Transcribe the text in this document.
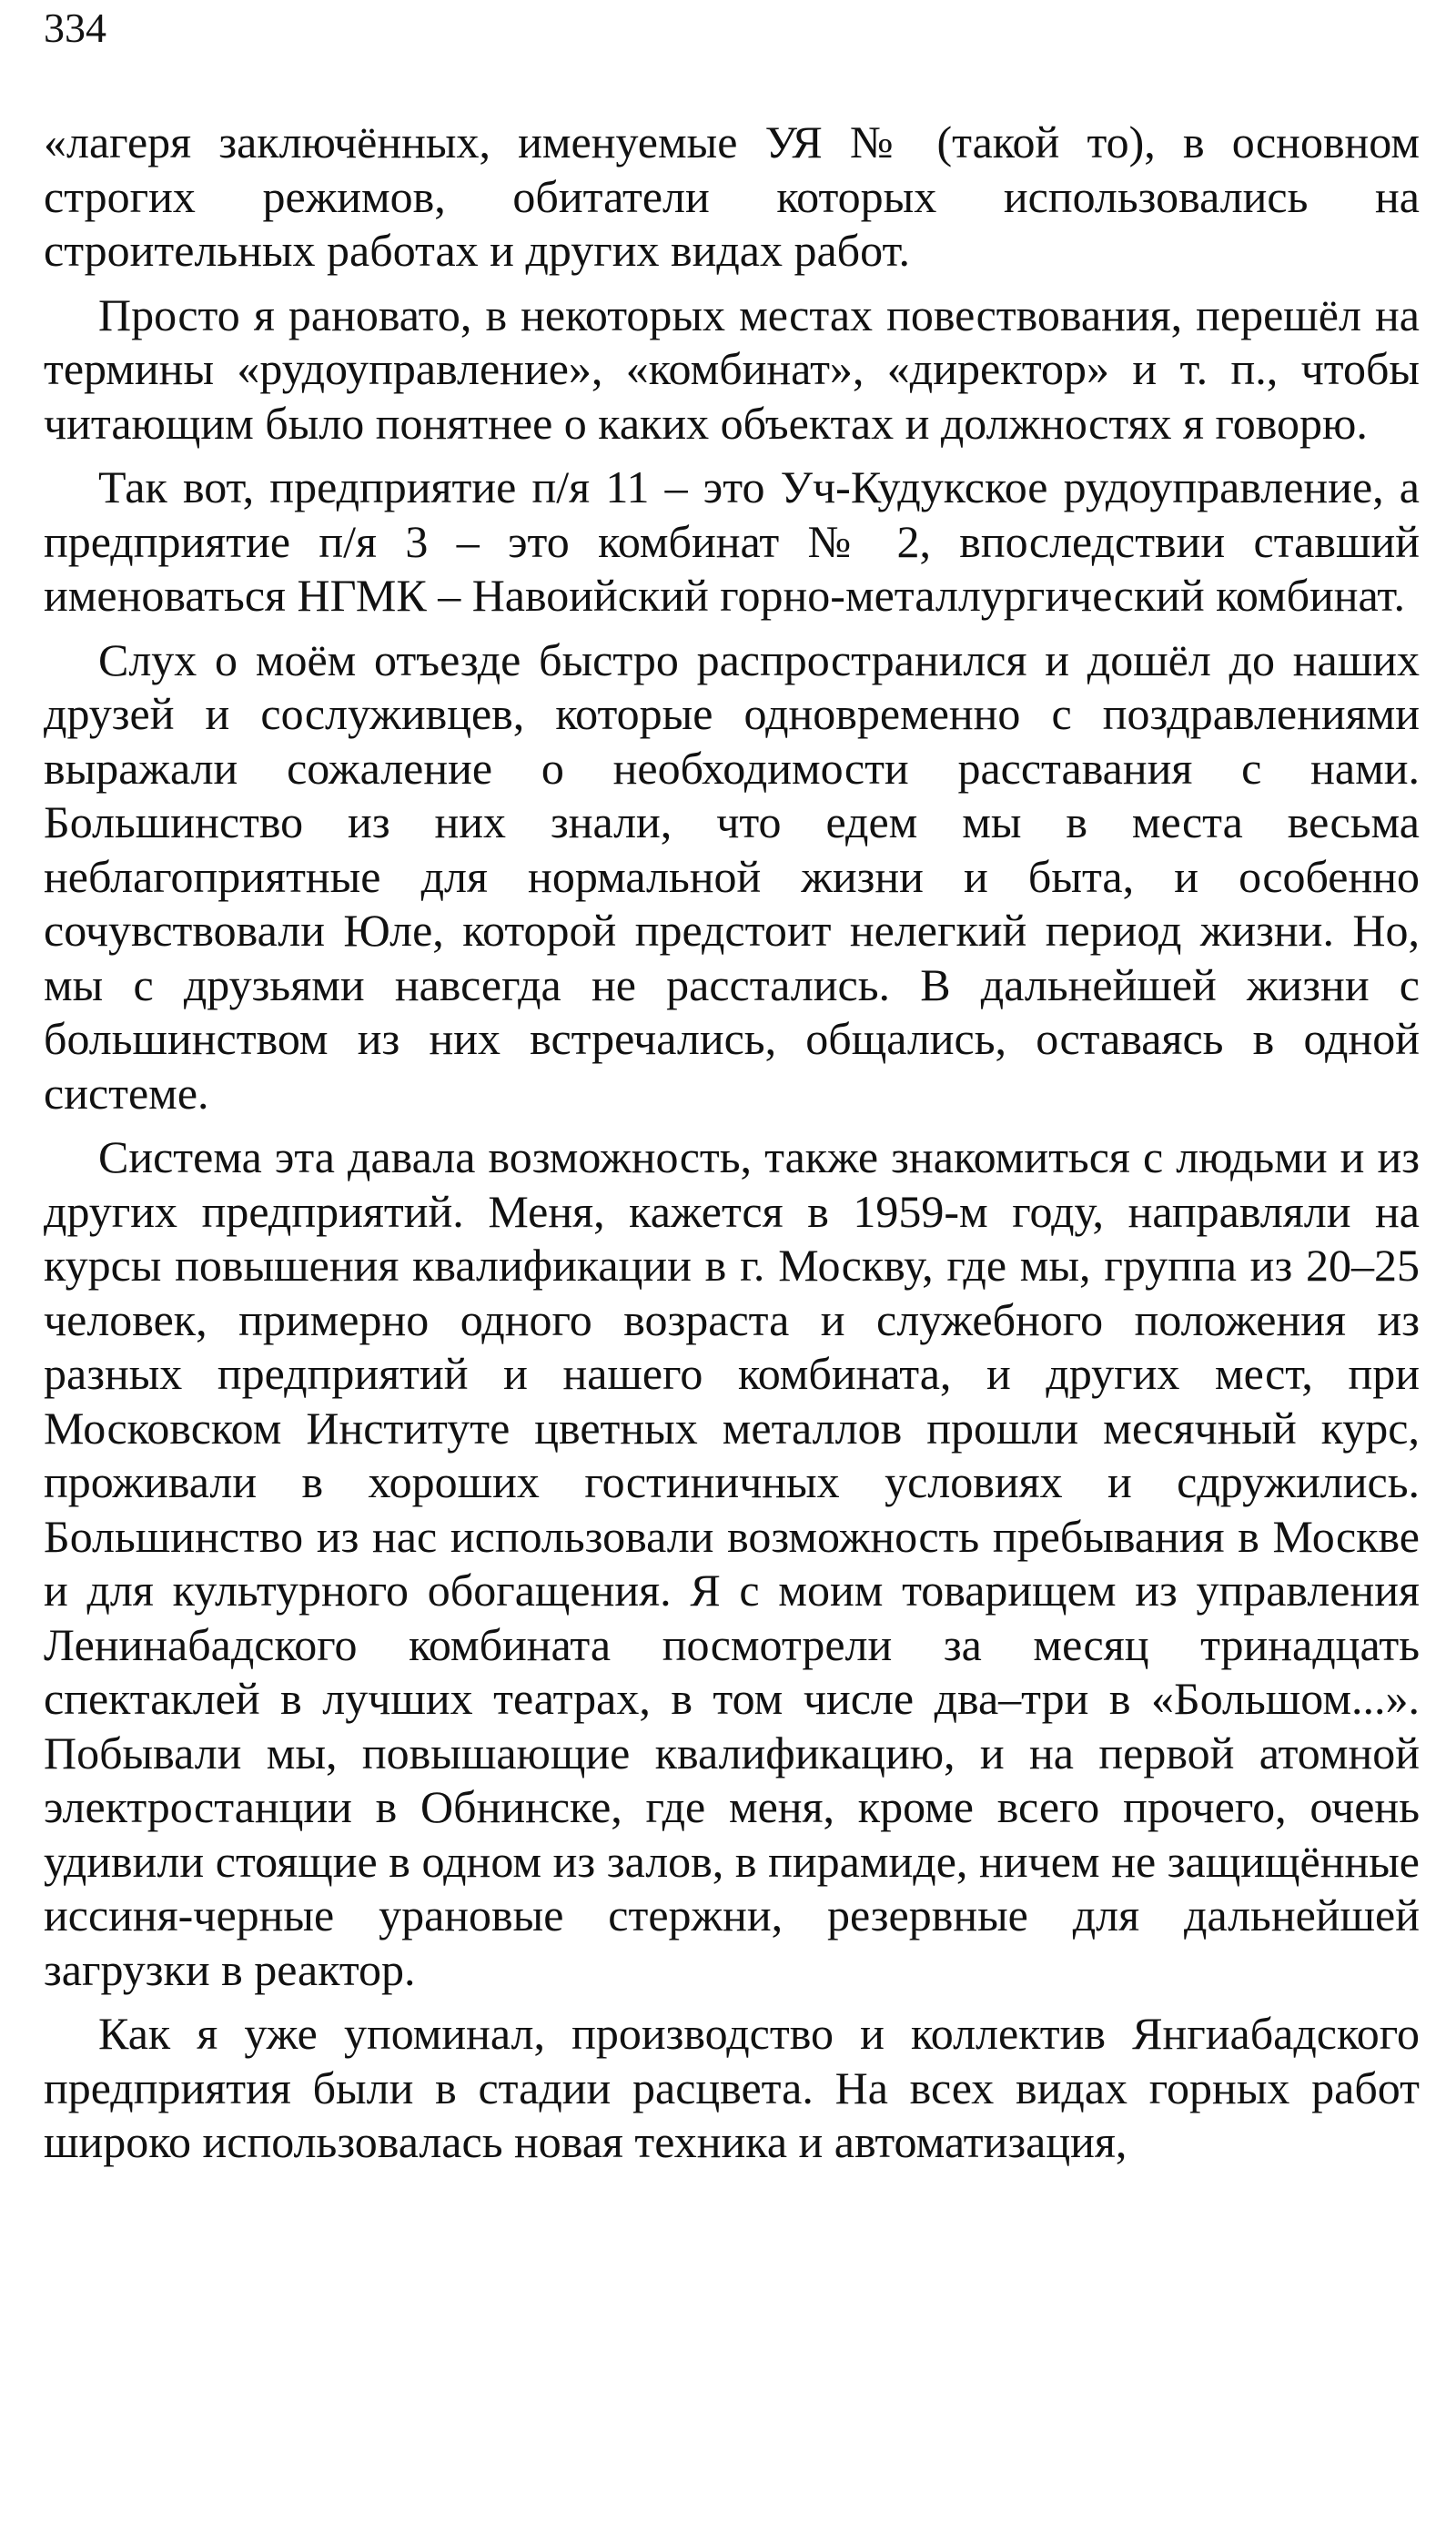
334

«лагеря заключённых, именуемые УЯ № (такой то), в основном строгих режимов, обитатели которых использовались на строительных работах и других видах работ.

Просто я рановато, в некоторых местах повествования, перешёл на термины «рудоуправление», «комбинат», «директор» и т. п., чтобы читающим было понятнее о каких объектах и должностях я говорю.

Так вот, предприятие п/я 11 – это Уч-Кудукское рудоуправление, а предприятие п/я 3 – это комбинат № 2, впоследствии ставший именоваться НГМК – Навоийский горно-металлургический комбинат.

Слух о моём отъезде быстро распространился и дошёл до наших друзей и сослуживцев, которые одновременно с поздравлениями выражали сожаление о необходимости расставания с нами. Большинство из них знали, что едем мы в места весьма неблагоприятные для нормальной жизни и быта, и особенно сочувствовали Юле, которой предстоит нелегкий период жизни. Но, мы с друзьями навсегда не расстались. В дальнейшей жизни с большинством из них встречались, общались, оставаясь в одной системе.

Система эта давала возможность, также знакомиться с людьми и из других предприятий. Меня, кажется в 1959-м году, направляли на курсы повышения квалификации в г. Москву, где мы, группа из 20–25 человек, примерно одного возраста и служебного положения из разных предприятий и нашего комбината, и других мест, при Московском Институте цветных металлов прошли месячный курс, проживали в хороших гостиничных условиях и сдружились. Большинство из нас использовали возможность пребывания в Москве и для культурного обогащения. Я с моим товарищем из управления Ленинабадского комбината посмотрели за месяц тринадцать спектаклей в лучших театрах, в том числе два–три в «Большом...». Побывали мы, повышающие квалификацию, и на первой атомной электростанции в Обнинске, где меня, кроме всего прочего, очень удивили стоящие в одном из залов, в пирамиде, ничем не защищённые иссиня-черные урановые стержни, резервные для дальнейшей загрузки в реактор.

Как я уже упоминал, производство и коллектив Янгиабадского предприятия были в стадии расцвета. На всех видах горных работ широко использовалась новая техника и автоматизация,
